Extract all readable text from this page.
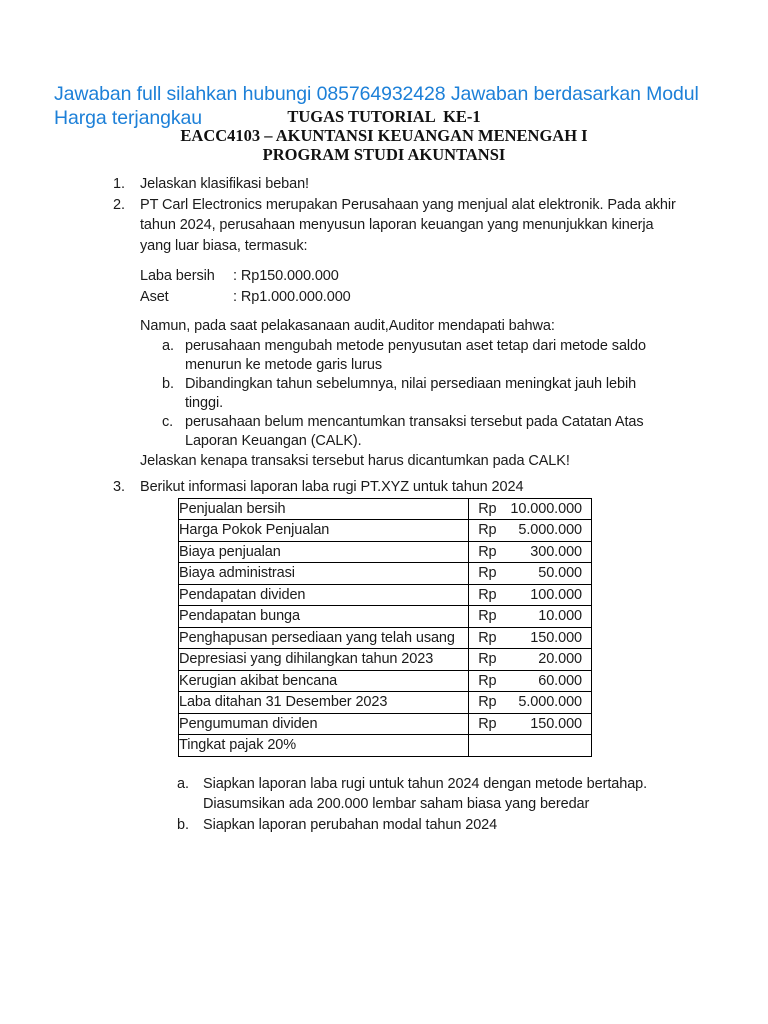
Jawaban full silahkan hubungi 085764932428 Jawaban berdasarkan Modul Harga terjangkau	TUGAS TUTORIAL  KE-1
EACC4103 – AKUNTANSI KEUANGAN MENENGAH I
PROGRAM STUDI AKUNTANSI
1.	Jelaskan klasifikasi beban!
2.	PT Carl Electronics merupakan Perusahaan yang menjual alat elektronik. Pada akhir
tahun 2024, perusahaan menyusun laporan keuangan yang menunjukkan kinerja
yang luar biasa, termasuk:
Laba bersih	: Rp150.000.000
Aset	: Rp1.000.000.000
Namun, pada saat pelakasanaan audit,Auditor mendapati bahwa:
a. perusahaan mengubah metode penyusutan aset tetap dari metode saldo menurun ke metode garis lurus
b. Dibandingkan tahun sebelumnya, nilai persediaan meningkat jauh lebih tinggi.
c. perusahaan belum mencantumkan transaksi tersebut pada Catatan Atas Laporan Keuangan (CALK).
Jelaskan kenapa transaksi tersebut harus dicantumkan pada CALK!
3.	Berikut informasi laporan laba rugi PT.XYZ untuk tahun 2024
Penjualan bersih	Rp 10.000.000

Harga Pokok Penjualan	Rp 5.000.000

Biaya penjualan	Rp 300.000

Biaya administrasi	Rp 50.000

Pendapatan dividen	Rp 100.000

Pendapatan bunga	Rp 10.000

Penghapusan persediaan yang telah usang	Rp 150.000

Depresiasi yang dihilangkan tahun 2023	Rp 20.000

Kerugian akibat bencana	Rp 60.000

Laba ditahan 31 Desember 2023	Rp 5.000.000

Pengumuman dividen	Rp 150.000

Tingkat pajak 20%	
a. Siapkan laporan laba rugi untuk tahun 2024 dengan metode bertahap.
Diasumsikan ada 200.000 lembar saham biasa yang beredar
b. Siapkan laporan perubahan modal tahun 2024
